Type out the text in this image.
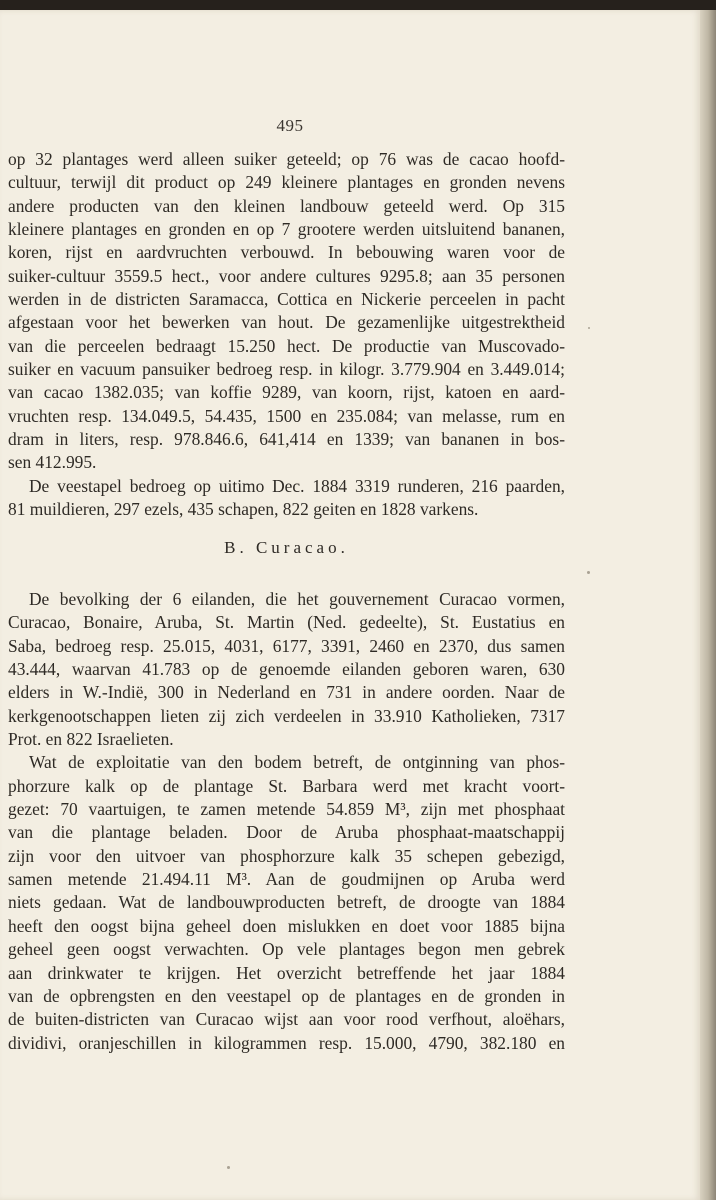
495
op 32 plantages werd alleen suiker geteeld; op 76 was de cacao hoofd-
cultuur, terwijl dit product op 249 kleinere plantages en gronden nevens
andere producten van den kleinen landbouw geteeld werd. Op 315
kleinere plantages en gronden en op 7 grootere werden uitsluitend bananen,
koren, rijst en aardvruchten verbouwd. In bebouwing waren voor de
suiker-cultuur 3559.5 hect., voor andere cultures 9295.8; aan 35 personen
werden in de districten Saramacca, Cottica en Nickerie perceelen in pacht
afgestaan voor het bewerken van hout. De gezamenlijke uitgestrektheid
van die perceelen bedraagt 15.250 hect. De productie van Muscovado-
suiker en vacuum pansuiker bedroeg resp. in kilogr. 3.779.904 en 3.449.014;
van cacao 1382.035; van koffie 9289, van koorn, rijst, katoen en aard-
vruchten resp. 134.049.5, 54.435, 1500 en 235.084; van melasse, rum en
dram in liters, resp. 978.846.6, 641,414 en 1339; van bananen in bos-
sen 412.995.
De veestapel bedroeg op uitimo Dec. 1884 3319 runderen, 216 paarden,
81 muildieren, 297 ezels, 435 schapen, 822 geiten en 1828 varkens.
B. Curacao.
De bevolking der 6 eilanden, die het gouvernement Curacao vormen,
Curacao, Bonaire, Aruba, St. Martin (Ned. gedeelte), St. Eustatius en
Saba, bedroeg resp. 25.015, 4031, 6177, 3391, 2460 en 2370, dus samen
43.444, waarvan 41.783 op de genoemde eilanden geboren waren, 630
elders in W.-Indië, 300 in Nederland en 731 in andere oorden. Naar de
kerkgenootschappen lieten zij zich verdeelen in 33.910 Katholieken, 7317
Prot. en 822 Israelieten.
Wat de exploitatie van den bodem betreft, de ontginning van phos-
phorzure kalk op de plantage St. Barbara werd met kracht voort-
gezet: 70 vaartuigen, te zamen metende 54.859 M³, zijn met phosphaat
van die plantage beladen. Door de Aruba phosphaat-maatschappij
zijn voor den uitvoer van phosphorzure kalk 35 schepen gebezigd,
samen metende 21.494.11 M³. Aan de goudmijnen op Aruba werd
niets gedaan. Wat de landbouwproducten betreft, de droogte van 1884
heeft den oogst bijna geheel doen mislukken en doet voor 1885 bijna
geheel geen oogst verwachten. Op vele plantages begon men gebrek
aan drinkwater te krijgen. Het overzicht betreffende het jaar 1884
van de opbrengsten en den veestapel op de plantages en de gronden in
de buiten-districten van Curacao wijst aan voor rood verfhout, aloëhars,
dividivi, oranjeschillen in kilogrammen resp. 15.000, 4790, 382.180 en
